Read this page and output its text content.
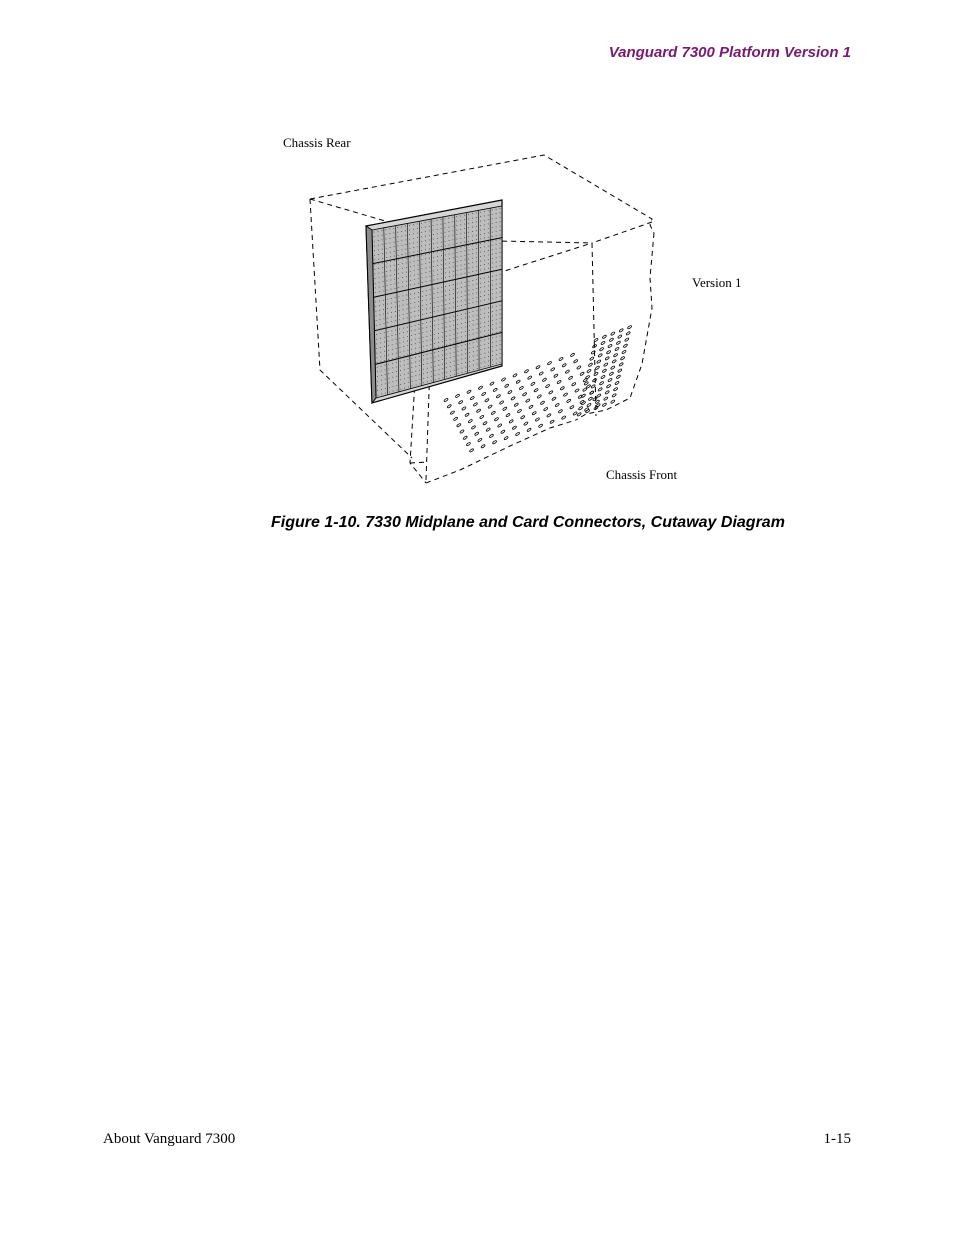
Vanguard 7300 Platform Version 1
Chassis Rear
Version 1
Chassis Front
Figure 1-10. 7330 Midplane and Card Connectors, Cutaway Diagram
About Vanguard 7300	1-15
